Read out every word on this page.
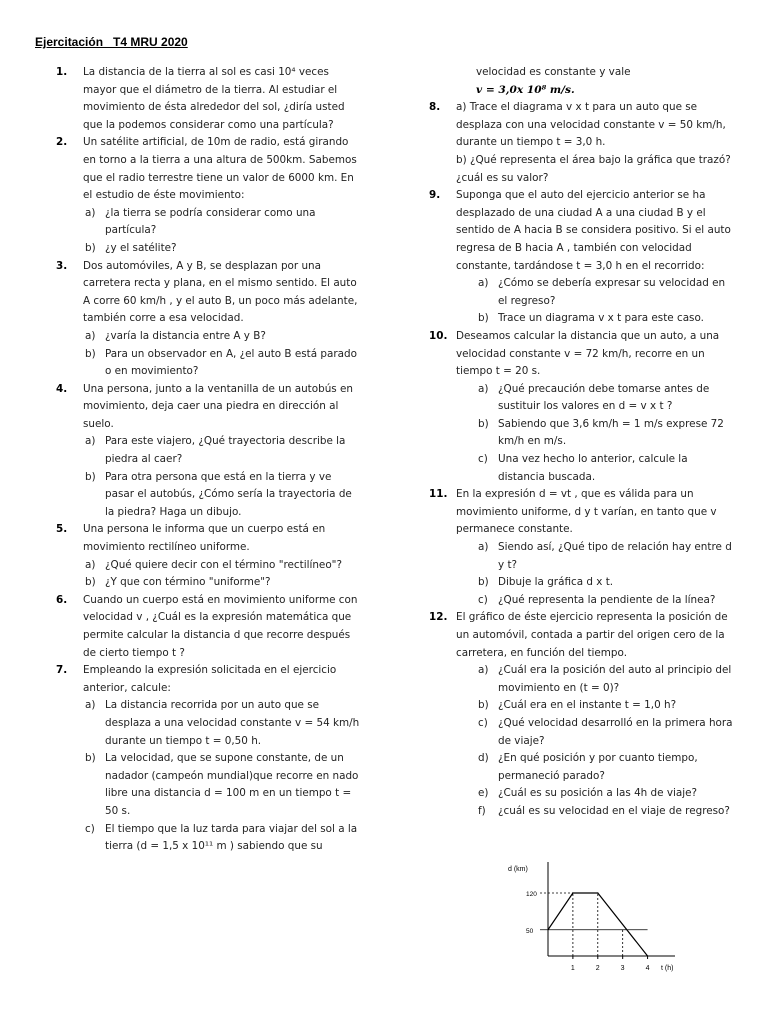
Ejercitación   T4 MRU 2020
1. La distancia de la tierra al sol es casi 10⁴ veces mayor que el diámetro de la tierra. Al estudiar el movimiento de ésta alrededor del sol, ¿diría usted que la podemos considerar como una partícula?
2. Un satélite artificial, de 10m de radio, está girando en torno a la tierra a una altura de 500km. Sabemos que el radio terrestre tiene un valor de 6000 km. En el estudio de éste movimiento:
a) ¿la tierra se podría considerar como una partícula?
b) ¿y el satélite?
3. Dos automóviles, A y B, se desplazan por una carretera recta y plana, en el mismo sentido. El auto A corre 60 km/h , y el auto B, un poco más adelante, también corre a esa velocidad.
a) ¿varía la distancia entre A y B?
b) Para un observador en A, ¿el auto B está parado o en movimiento?
4. Una persona, junto a la ventanilla de un autobús en movimiento, deja caer una piedra en dirección al suelo.
a) Para este viajero, ¿Qué trayectoria describe la piedra al caer?
b) Para otra persona que está en la tierra y ve pasar el autobús, ¿Cómo sería la trayectoria de la piedra? Haga un dibujo.
5. Una persona le informa que un cuerpo está en movimiento rectilíneo uniforme.
a) ¿Qué quiere decir con el término "rectilíneo"?
b) ¿Y que con término "uniforme"?
6. Cuando un cuerpo está en movimiento uniforme con velocidad v , ¿Cuál es la expresión matemática que permite calcular la distancia d que recorre después de cierto tiempo t ?
7. Empleando la expresión solicitada en el ejercicio anterior, calcule:
a) La distancia recorrida por un auto que se desplaza a una velocidad constante v = 54 km/h durante un tiempo t = 0,50 h.
b) La velocidad, que se supone constante, de un nadador (campeón mundial)que recorre en nado libre una distancia d = 100 m en un tiempo t = 50 s.
c) El tiempo que la luz tarda para viajar del sol a la tierra (d = 1,5 x 10¹¹ m ) sabiendo que su
velocidad es constante y vale
v = 3,0x 10⁸ m/s.
8. a) Trace el diagrama v x t para un auto que se desplaza con una velocidad constante v = 50 km/h, durante un tiempo t = 3,0 h.
b) ¿Qué representa el área bajo la gráfica que trazó? ¿cuál es su valor?
9. Suponga que el auto del ejercicio anterior se ha desplazado de una ciudad A a una ciudad B y el sentido de A hacia B se considera positivo. Si el auto regresa de B hacia A , también con velocidad constante, tardándose t = 3,0 h en el recorrido:
a) ¿Cómo se debería expresar su velocidad en el regreso?
b) Trace un diagrama v x t para este caso.
10. Deseamos calcular la distancia que un auto, a una velocidad constante v = 72 km/h, recorre en un tiempo t = 20 s.
a) ¿Qué precaución debe tomarse antes de sustituir los valores en d = v x t ?
b) Sabiendo que 3,6 km/h = 1 m/s exprese 72 km/h en m/s.
c) Una vez hecho lo anterior, calcule la distancia buscada.
11. En la expresión d = vt , que es válida para un movimiento uniforme, d y t varían, en tanto que v permanece constante.
a) Siendo así, ¿Qué tipo de relación hay entre d y t?
b) Dibuje la gráfica d x t.
c) ¿Qué representa la pendiente de la línea?
12. El gráfico de éste ejercicio representa la posición de un automóvil, contada a partir del origen cero de la carretera, en función del tiempo.
a) ¿Cuál era la posición del auto al principio del movimiento en (t = 0)?
b) ¿Cuál era en el instante t = 1,0 h?
c) ¿Qué velocidad desarrolló en la primera hora de viaje?
d) ¿En qué posición y por cuanto tiempo, permaneció parado?
e) ¿Cuál es su posición a las 4h de viaje?
f) ¿cuál es su velocidad en el viaje de regreso?
d (km)
t (h)
1	2	3	4
50
120
